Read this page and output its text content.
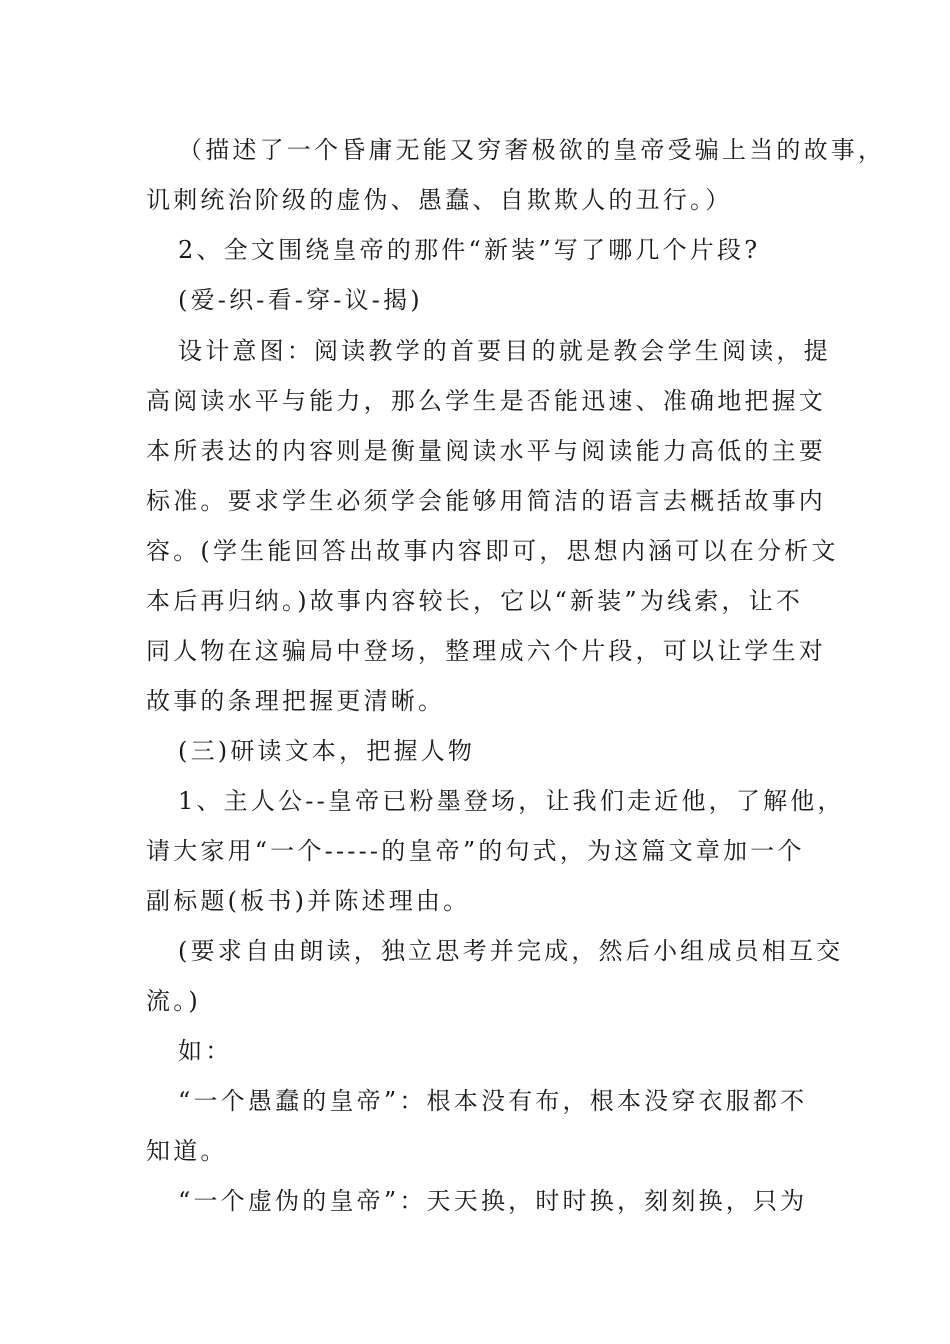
（描述了一个昏庸无能又穷奢极欲的皇帝受骗上当的故事，
讥刺统治阶级的虚伪、愚蠢、自欺欺人的丑行。）
2、全文围绕皇帝的那件“新装”写了哪几个片段?
(爱-织-看-穿-议-揭)
设计意图：阅读教学的首要目的就是教会学生阅读，提
高阅读水平与能力，那么学生是否能迅速、准确地把握文
本所表达的内容则是衡量阅读水平与阅读能力高低的主要
标准。要求学生必须学会能够用简洁的语言去概括故事内
容。(学生能回答出故事内容即可，思想内涵可以在分析文
本后再归纳。)故事内容较长，它以“新装”为线索，让不
同人物在这骗局中登场，整理成六个片段，可以让学生对
故事的条理把握更清晰。
(三)研读文本，把握人物
1、主人公--皇帝已粉墨登场，让我们走近他，了解他，
请大家用“一个-----的皇帝”的句式，为这篇文章加一个
副标题(板书)并陈述理由。
(要求自由朗读，独立思考并完成，然后小组成员相互交
流。)
如：
“一个愚蠢的皇帝”：根本没有布，根本没穿衣服都不
知道。
“一个虚伪的皇帝”：天天换，时时换，刻刻换，只为
